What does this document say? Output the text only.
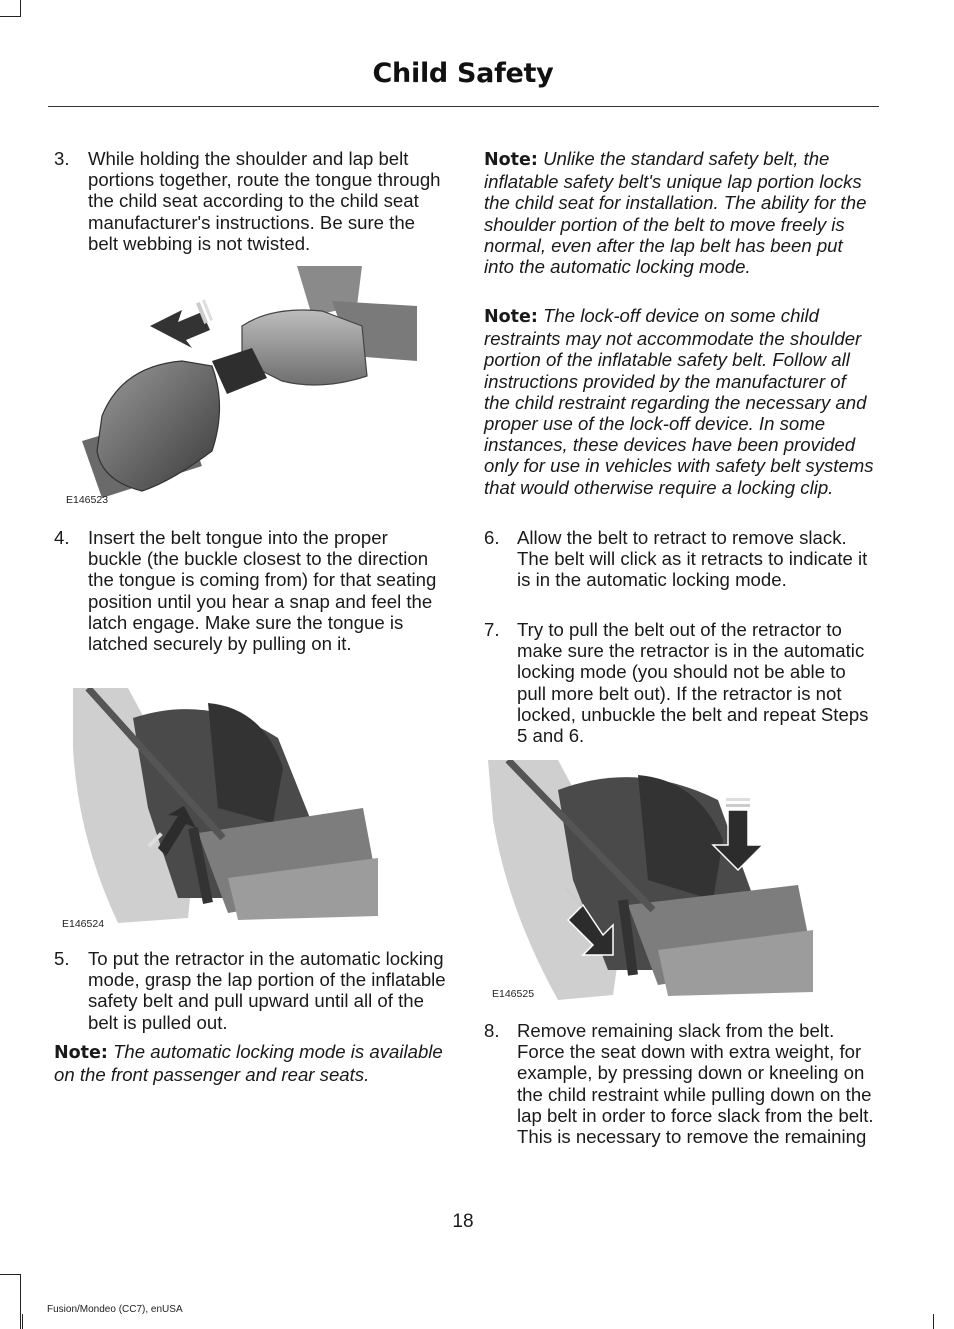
Child Safety
3. While holding the shoulder and lap belt portions together, route the tongue through the child seat according to the child seat manufacturer's instructions. Be sure the belt webbing is not twisted.
E146523
4. Insert the belt tongue into the proper buckle (the buckle closest to the direction the tongue is coming from) for that seating position until you hear a snap and feel the latch engage. Make sure the tongue is latched securely by pulling on it.
E146524
5. To put the retractor in the automatic locking mode, grasp the lap portion of the inflatable safety belt and pull upward until all of the belt is pulled out.
Note: The automatic locking mode is available on the front passenger and rear seats.
Note: Unlike the standard safety belt, the inflatable safety belt's unique lap portion locks the child seat for installation. The ability for the shoulder portion of the belt to move freely is normal, even after the lap belt has been put into the automatic locking mode.
Note: The lock-off device on some child restraints may not accommodate the shoulder portion of the inflatable safety belt. Follow all instructions provided by the manufacturer of the child restraint regarding the necessary and proper use of the lock-off device. In some instances, these devices have been provided only for use in vehicles with safety belt systems that would otherwise require a locking clip.
6. Allow the belt to retract to remove slack. The belt will click as it retracts to indicate it is in the automatic locking mode.
7. Try to pull the belt out of the retractor to make sure the retractor is in the automatic locking mode (you should not be able to pull more belt out). If the retractor is not locked, unbuckle the belt and repeat Steps 5 and 6.
E146525
8. Remove remaining slack from the belt. Force the seat down with extra weight, for example, by pressing down or kneeling on the child restraint while pulling down on the lap belt in order to force slack from the belt. This is necessary to remove the remaining
18
Fusion/Mondeo (CC7), enUSA
